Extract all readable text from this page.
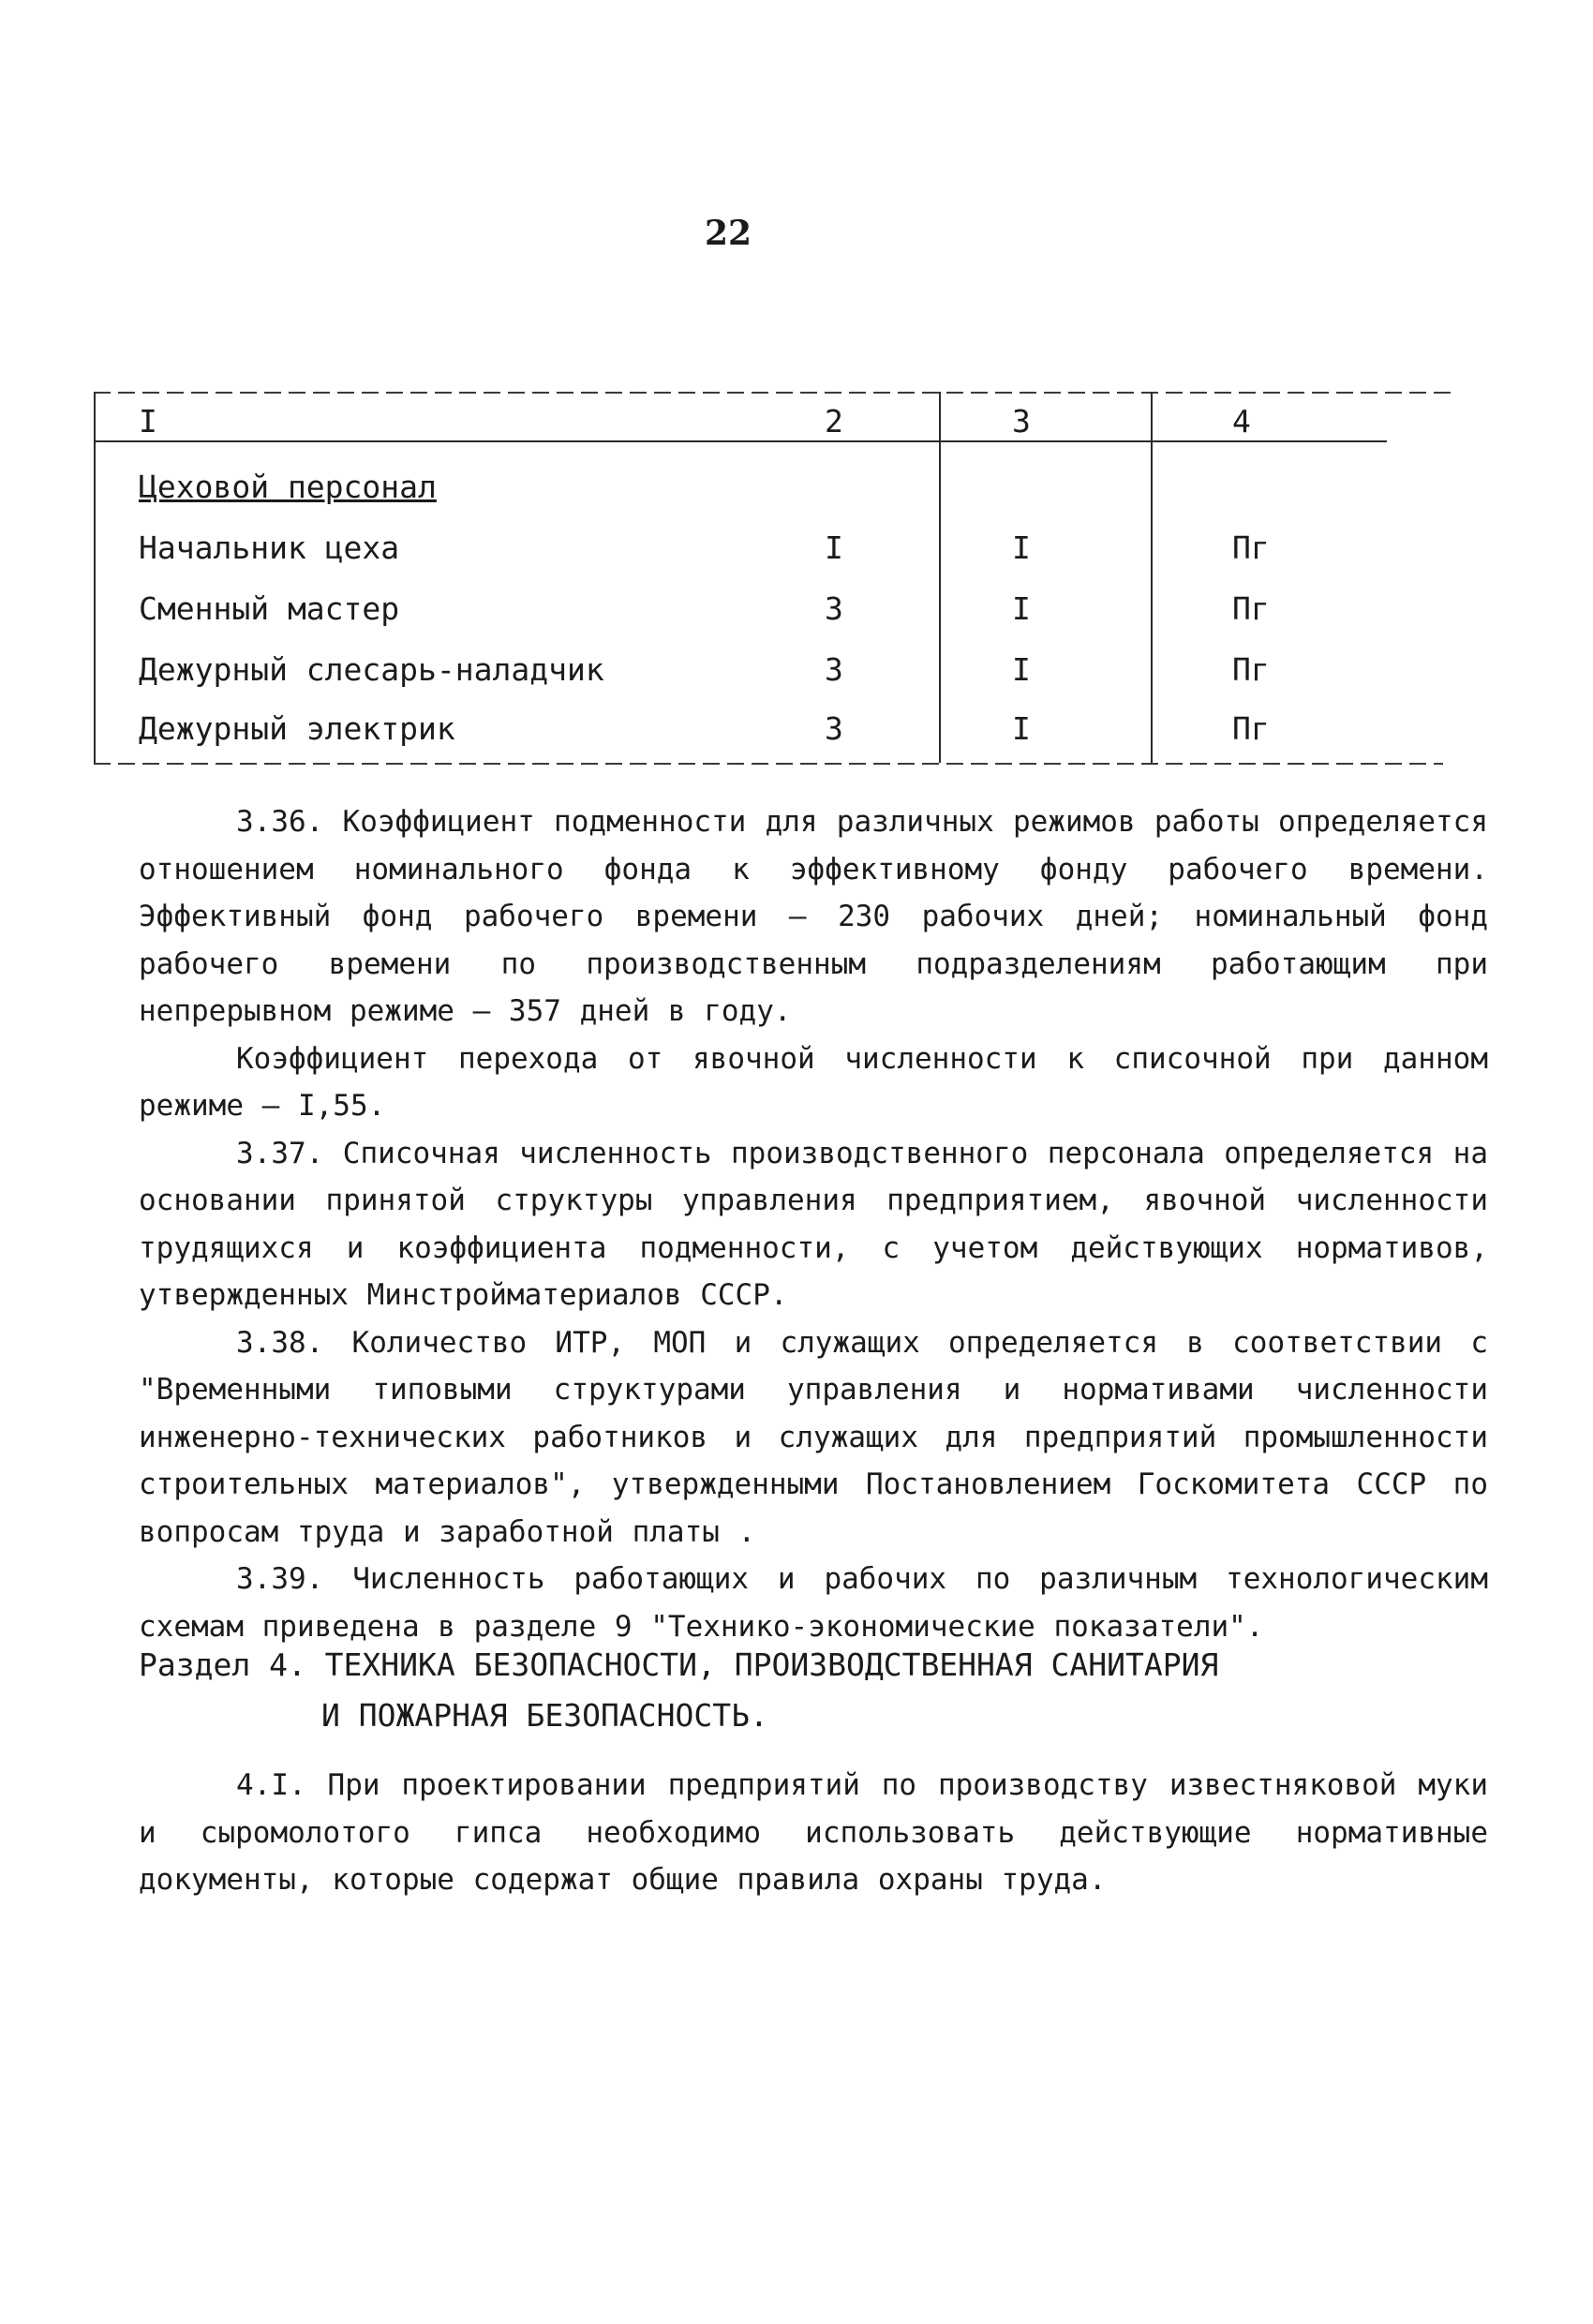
22
I	2	3	4
Цеховой персонал
Начальник цеха	I	I	Пг
Сменный мастер	3	I	Пг
Дежурный слесарь-наладчик	3	I	Пг
Дежурный электрик	3	I	Пг

3.36. Коэффициент подменности для различных режимов работы определяется отношением номинального фонда к эффективному фонду рабочего времени. Эффективный фонд рабочего времени – 230 рабочих дней; номинальный фонд рабочего времени по производственным подразделениям работающим при непрерывном режиме – 357 дней в году.

Коэффициент перехода от явочной численности к списочной при данном режиме – I,55.

3.37. Списочная численность производственного персонала определяется на основании принятой структуры управления предприятием, явочной численности трудящихся и коэффициента подменности, с учетом действующих нормативов, утвержденных Минстройматериалов СССР.

3.38. Количество ИТР, МОП и служащих определяется в соответствии с "Временными типовыми структурами управления и нормативами численности инженерно-технических работников и служащих для предприятий промышленности строительных материалов", утвержденными Постановлением Госкомитета СССР по вопросам труда и заработной платы .

3.39. Численность работающих и рабочих по различным технологическим схемам приведена в разделе 9 "Технико-экономические показатели".

Раздел 4. ТЕХНИКА БЕЗОПАСНОСТИ, ПРОИЗВОДСТВЕННАЯ САНИТАРИЯ
И ПОЖАРНАЯ БЕЗОПАСНОСТЬ.

4.I. При проектировании предприятий по производству известняковой муки и сыромолотого гипса необходимо использовать действующие нормативные документы, которые содержат общие правила охраны труда.
